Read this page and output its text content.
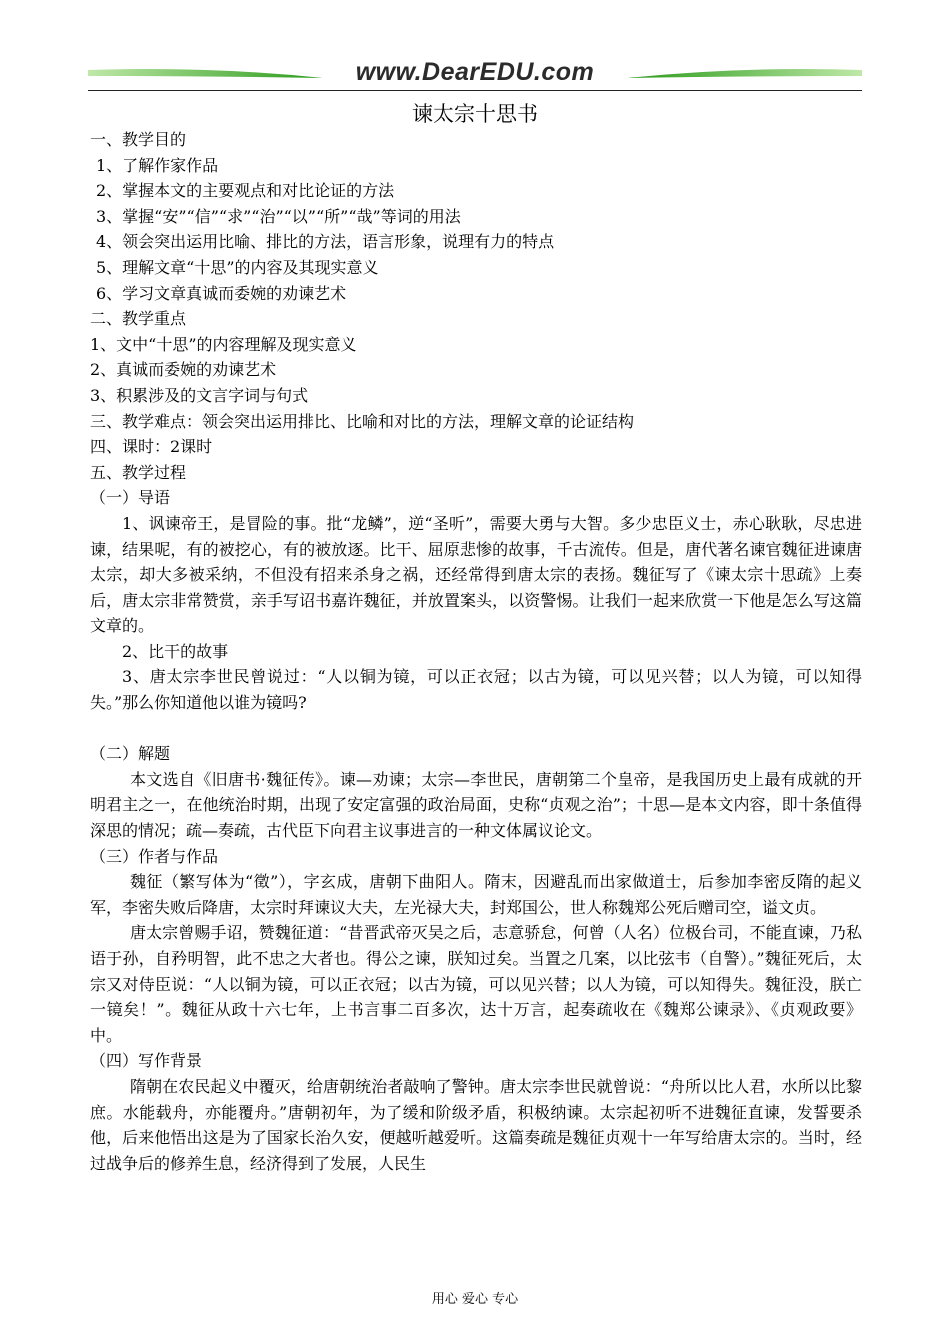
www.DearEDU.com
谏太宗十思书

一、教学目的

1、了解作家作品

2、掌握本文的主要观点和对比论证的方法

3、掌握“安”“信”“求”“治”“以”“所”“哉”等词的用法

4、领会突出运用比喻、排比的方法，语言形象，说理有力的特点

5、理解文章“十思”的内容及其现实意义

6、学习文章真诚而委婉的劝谏艺术

二、教学重点

1、文中“十思”的内容理解及现实意义

2、真诚而委婉的劝谏艺术

3、积累涉及的文言字词与句式

三、教学难点：领会突出运用排比、比喻和对比的方法，理解文章的论证结构

四、课时：2课时

五、教学过程

（一）导语

1、讽谏帝王，是冒险的事。批“龙鳞”，逆“圣听”，需要大勇与大智。多少忠臣义士，赤心耿耿，尽忠进谏，结果呢，有的被挖心，有的被放逐。比干、屈原悲惨的故事，千古流传。但是，唐代著名谏官魏征进谏唐太宗，却大多被采纳，不但没有招来杀身之祸，还经常得到唐太宗的表扬。魏征写了《谏太宗十思疏》上奏后，唐太宗非常赞赏，亲手写诏书嘉许魏征，并放置案头，以资警惕。让我们一起来欣赏一下他是怎么写这篇文章的。

2、比干的故事

3、唐太宗李世民曾说过：“人以铜为镜，可以正衣冠；以古为镜，可以见兴替；以人为镜，可以知得失。”那么你知道他以谁为镜吗?

（二）解题

本文选自《旧唐书·魏征传》。谏—劝谏；太宗—李世民，唐朝第二个皇帝，是我国历史上最有成就的开明君主之一，在他统治时期，出现了安定富强的政治局面，史称“贞观之治”；十思—是本文内容，即十条值得深思的情况；疏—奏疏，古代臣下向君主议事进言的一种文体属议论文。

（三）作者与作品

魏征（繁写体为“徵”），字玄成，唐朝下曲阳人。隋末，因避乱而出家做道士，后参加李密反隋的起义军，李密失败后降唐，太宗时拜谏议大夫，左光禄大夫，封郑国公，世人称魏郑公死后赠司空，谥文贞。

唐太宗曾赐手诏，赞魏征道：“昔晋武帝灭吴之后，志意骄怠，何曾（人名）位极台司，不能直谏，乃私语于孙，自矜明智，此不忠之大者也。得公之谏，朕知过矣。当置之几案，以比弦韦（自警）。”魏征死后，太宗又对侍臣说：“人以铜为镜，可以正衣冠；以古为镜，可以见兴替；以人为镜，可以知得失。魏征没，朕亡一镜矣！”。魏征从政十六七年，上书言事二百多次，达十万言，起奏疏收在《魏郑公谏录》、《贞观政要》中。

（四）写作背景

隋朝在农民起义中覆灭，给唐朝统治者敲响了警钟。唐太宗李世民就曾说：“舟所以比人君，水所以比黎庶。水能载舟，亦能覆舟。”唐朝初年，为了缓和阶级矛盾，积极纳谏。太宗起初听不进魏征直谏，发誓要杀他，后来他悟出这是为了国家长治久安，便越听越爱听。这篇奏疏是魏征贞观十一年写给唐太宗的。当时，经过战争后的修养生息，经济得到了发展，人民生

用心 爱心 专心
